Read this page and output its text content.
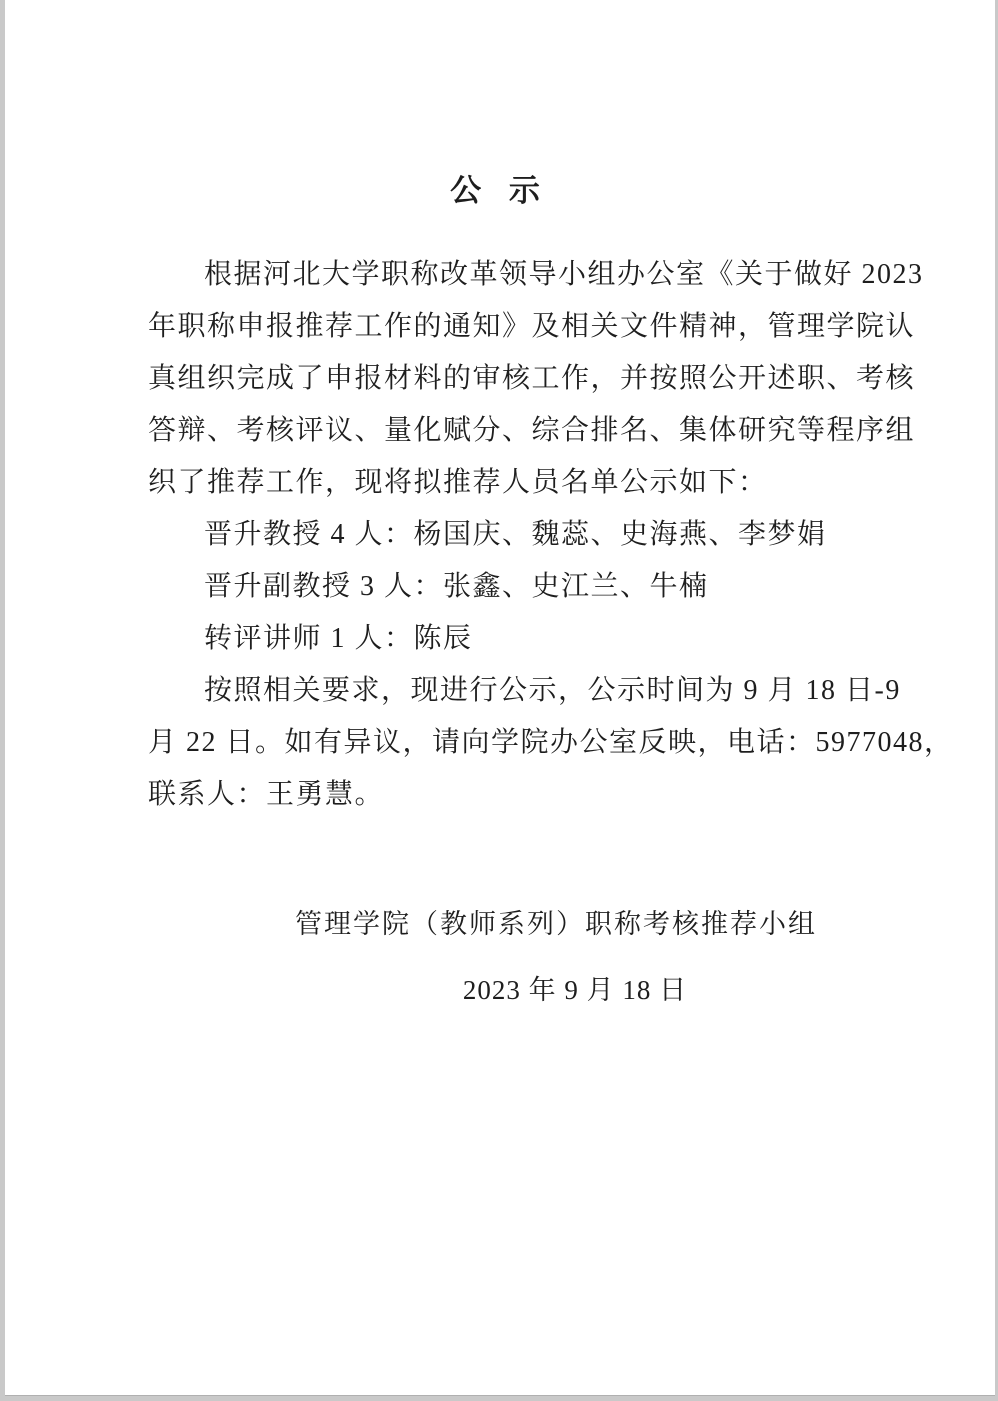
公 示
根据河北大学职称改革领导小组办公室《关于做好 2023
年职称申报推荐工作的通知》及相关文件精神，管理学院认
真组织完成了申报材料的审核工作，并按照公开述职、考核
答辩、考核评议、量化赋分、综合排名、集体研究等程序组
织了推荐工作，现将拟推荐人员名单公示如下：
晋升教授 4 人：杨国庆、魏蕊、史海燕、李梦娟
晋升副教授 3 人：张鑫、史江兰、牛楠
转评讲师 1 人：陈辰
按照相关要求，现进行公示，公示时间为 9 月 18 日-9
月 22 日。如有异议，请向学院办公室反映，电话：5977048，
联系人：王勇慧。
管理学院（教师系列）职称考核推荐小组
2023 年 9 月 18 日
